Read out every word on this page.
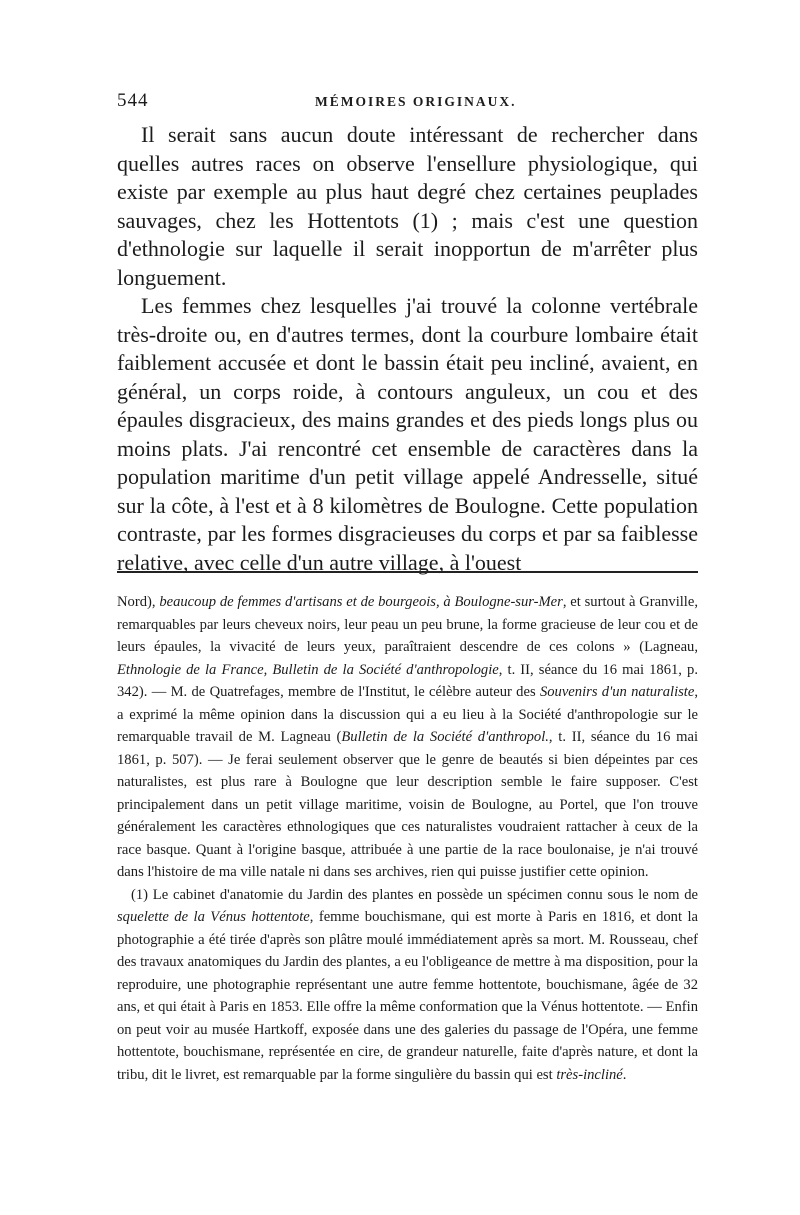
544	MÉMOIRES ORIGINAUX.

Il serait sans aucun doute intéressant de rechercher dans quelles autres races on observe l'ensellure physiologique, qui existe par exemple au plus haut degré chez certaines peuplades sauvages, chez les Hottentots (1) ; mais c'est une question d'ethnologie sur laquelle il serait inopportun de m'arrêter plus longuement.

Les femmes chez lesquelles j'ai trouvé la colonne vertébrale très-droite ou, en d'autres termes, dont la courbure lombaire était faiblement accusée et dont le bassin était peu incliné, avaient, en général, un corps roide, à contours anguleux, un cou et des épaules disgracieux, des mains grandes et des pieds longs plus ou moins plats. J'ai rencontré cet ensemble de caractères dans la population maritime d'un petit village appelé Andresselle, situé sur la côte, à l'est et à 8 kilomètres de Boulogne. Cette population contraste, par les formes disgracieuses du corps et par sa faiblesse relative, avec celle d'un autre village, à l'ouest

Nord), beaucoup de femmes d'artisans et de bourgeois, à Boulogne-sur-Mer, et surtout à Granville, remarquables par leurs cheveux noirs, leur peau un peu brune, la forme gracieuse de leur cou et de leurs épaules, la vivacité de leurs yeux, paraîtraient descendre de ces colons » (Lagneau, Ethnologie de la France, Bulletin de la Société d'anthropologie, t. II, séance du 16 mai 1861, p. 342). — M. de Quatrefages, membre de l'Institut, le célèbre auteur des Souvenirs d'un naturaliste, a exprimé la même opinion dans la discussion qui a eu lieu à la Société d'anthropologie sur le remarquable travail de M. Lagneau (Bulletin de la Société d'anthropol., t. II, séance du 16 mai 1861, p. 507). — Je ferai seulement observer que le genre de beautés si bien dépeintes par ces naturalistes, est plus rare à Boulogne que leur description semble le faire supposer. C'est principalement dans un petit village maritime, voisin de Boulogne, au Portel, que l'on trouve généralement les caractères ethnologiques que ces naturalistes voudraient rattacher à ceux de la race basque. Quant à l'origine basque, attribuée à une partie de la race boulonaise, je n'ai trouvé dans l'histoire de ma ville natale ni dans ses archives, rien qui puisse justifier cette opinion.

(1) Le cabinet d'anatomie du Jardin des plantes en possède un spécimen connu sous le nom de squelette de la Vénus hottentote, femme bouchismane, qui est morte à Paris en 1816, et dont la photographie a été tirée d'après son plâtre moulé immédiatement après sa mort. M. Rousseau, chef des travaux anatomiques du Jardin des plantes, a eu l'obligeance de mettre à ma disposition, pour la reproduire, une photographie représentant une autre femme hottentote, bouchismane, âgée de 32 ans, et qui était à Paris en 1853. Elle offre la même conformation que la Vénus hottentote. — Enfin on peut voir au musée Hartkoff, exposée dans une des galeries du passage de l'Opéra, une femme hottentote, bouchismane, représentée en cire, de grandeur naturelle, faite d'après nature, et dont la tribu, dit le livret, est remarquable par la forme singulière du bassin qui est très-incliné.
